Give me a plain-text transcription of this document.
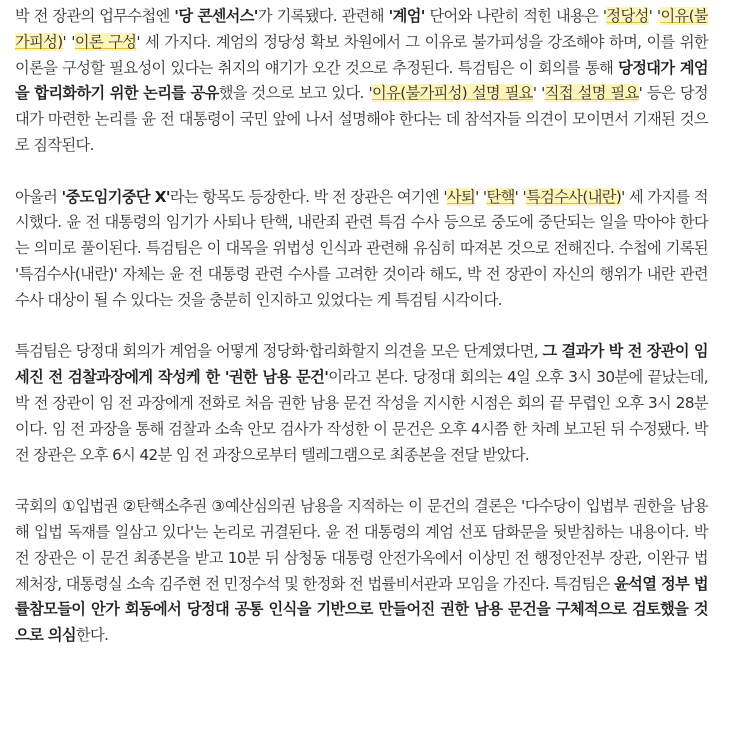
박 전 장관의 업무수첩엔 '당 콘센서스'가 기록됐다. 관련해 '계엄' 단어와 나란히 적힌 내용은 '정당성' '이유(불가피성)' '이론 구성' 세 가지다. 계엄의 정당성 확보 차원에서 그 이유로 불가피성을 강조해야 하며, 이를 위한 이론을 구성할 필요성이 있다는 취지의 얘기가 오간 것으로 추정된다. 특검팀은 이 회의를 통해 당정대가 계엄을 합리화하기 위한 논리를 공유했을 것으로 보고 있다. '이유(불가피성) 설명 필요' '직접 설명 필요' 등은 당정대가 마련한 논리를 윤 전 대통령이 국민 앞에 나서 설명해야 한다는 데 참석자들 의견이 모이면서 기재된 것으로 짐작된다.

아울러 '중도임기중단 X'라는 항목도 등장한다. 박 전 장관은 여기엔 '사퇴' '탄핵' '특검수사(내란)' 세 가지를 적시했다. 윤 전 대통령의 임기가 사퇴나 탄핵, 내란죄 관련 특검 수사 등으로 중도에 중단되는 일을 막아야 한다는 의미로 풀이된다. 특검팀은 이 대목을 위법성 인식과 관련해 유심히 따져본 것으로 전해진다. 수첩에 기록된 '특검수사(내란)' 자체는 윤 전 대통령 관련 수사를 고려한 것이라 해도, 박 전 장관이 자신의 행위가 내란 관련 수사 대상이 될 수 있다는 것을 충분히 인지하고 있었다는 게 특검팀 시각이다.

특검팀은 당정대 회의가 계엄을 어떻게 정당화·합리화할지 의견을 모은 단계였다면, 그 결과가 박 전 장관이 임세진 전 검찰과장에게 작성케 한 '권한 남용 문건'이라고 본다. 당정대 회의는 4일 오후 3시 30분에 끝났는데, 박 전 장관이 임 전 과장에게 전화로 처음 권한 남용 문건 작성을 지시한 시점은 회의 끝 무렵인 오후 3시 28분이다. 임 전 과장을 통해 검찰과 소속 안모 검사가 작성한 이 문건은 오후 4시쯤 한 차례 보고된 뒤 수정됐다. 박 전 장관은 오후 6시 42분 임 전 과장으로부터 텔레그램으로 최종본을 전달 받았다.

국회의 ①입법권 ②탄핵소추권 ③예산심의권 남용을 지적하는 이 문건의 결론은 '다수당이 입법부 권한을 남용해 입법 독재를 일삼고 있다'는 논리로 귀결된다. 윤 전 대통령의 계엄 선포 담화문을 뒷받침하는 내용이다. 박 전 장관은 이 문건 최종본을 받고 10분 뒤 삼청동 대통령 안전가옥에서 이상민 전 행정안전부 장관, 이완규 법제처장, 대통령실 소속 김주현 전 민정수석 및 한정화 전 법률비서관과 모임을 가진다. 특검팀은 윤석열 정부 법률참모들이 안가 회동에서 당정대 공통 인식을 기반으로 만들어진 권한 남용 문건을 구체적으로 검토했을 것으로 의심한다.
